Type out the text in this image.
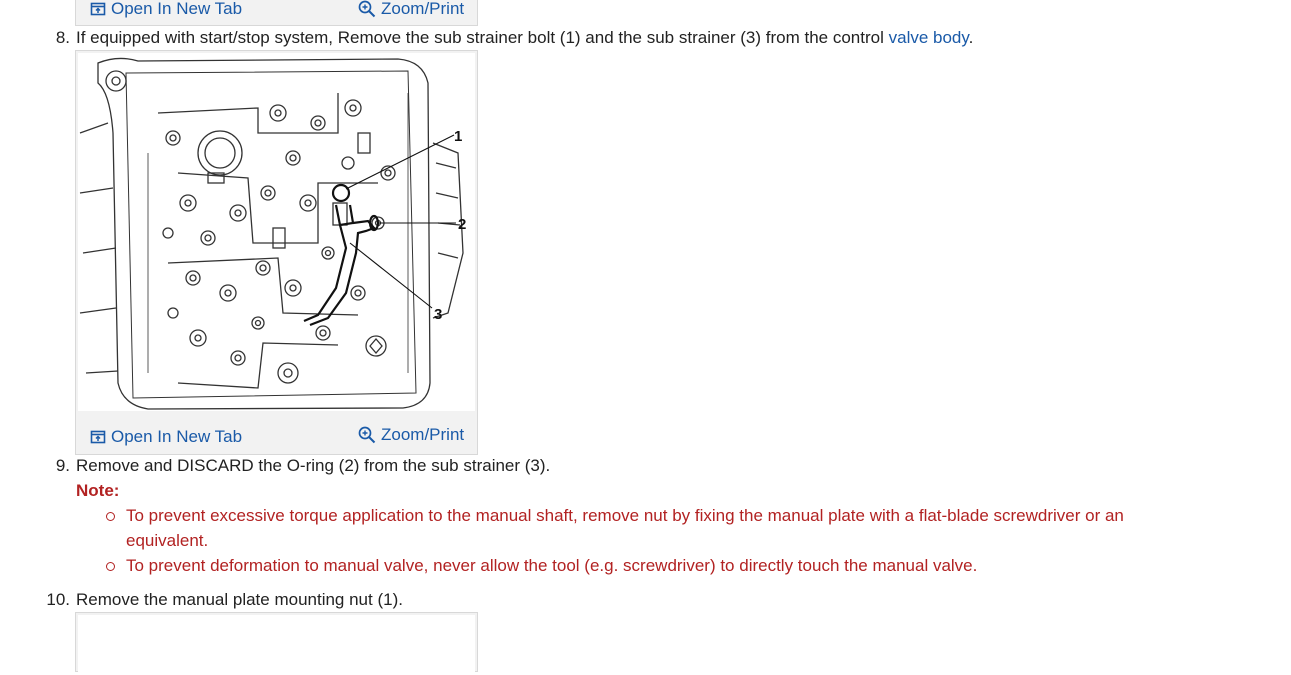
Open In New Tab	Zoom/Print
8. If equipped with start/stop system, Remove the sub strainer bolt (1) and the sub strainer (3) from the control valve body.
1
2
3
Open In New Tab	Zoom/Print
9. Remove and DISCARD the O-ring (2) from the sub strainer (3).
Note:
To prevent excessive torque application to the manual shaft, remove nut by fixing the manual plate with a flat-blade screwdriver or an equivalent.
To prevent deformation to manual valve, never allow the tool (e.g. screwdriver) to directly touch the manual valve.
10. Remove the manual plate mounting nut (1).
